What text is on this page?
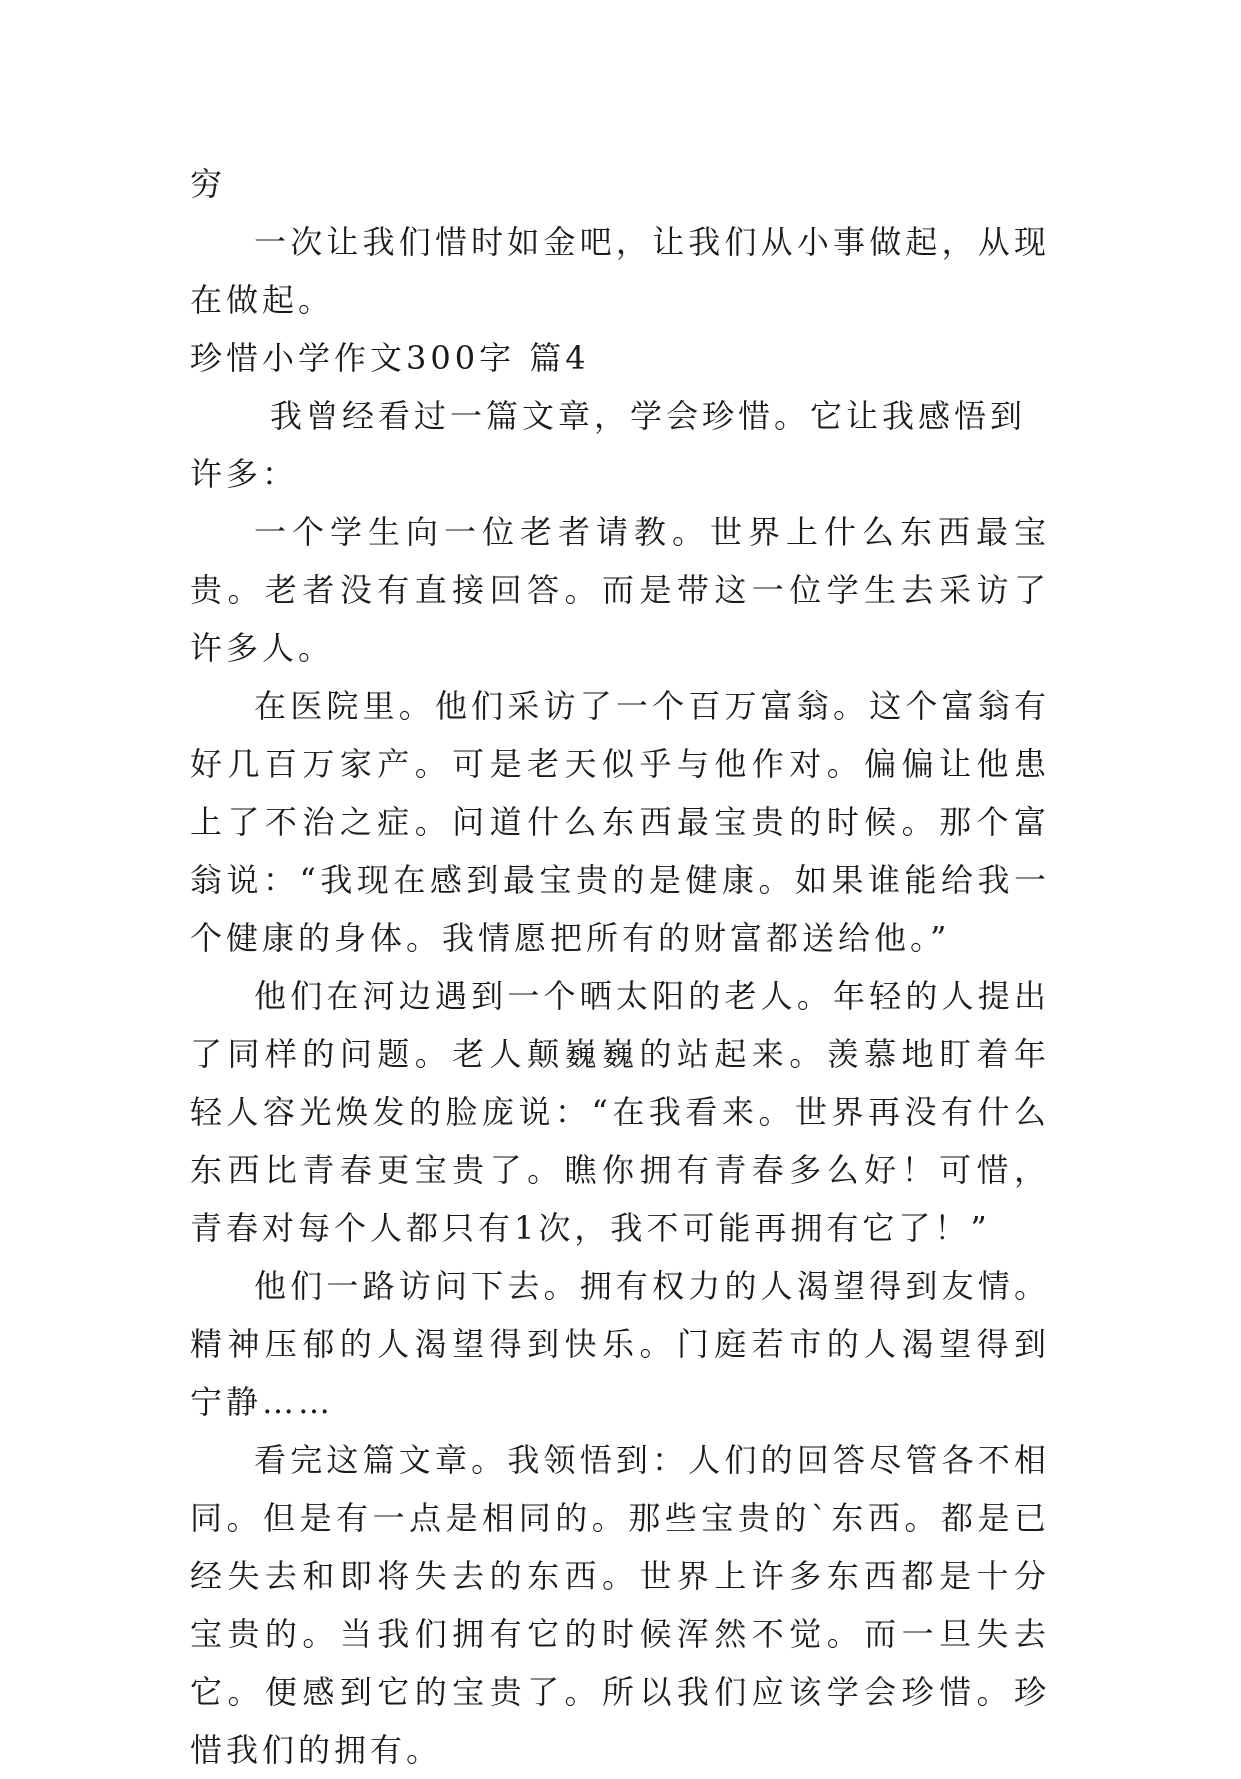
穷

一次让我们惜时如金吧，让我们从小事做起，从现在做起。

珍惜小学作文300字 篇4

我曾经看过一篇文章，学会珍惜。它让我感悟到许多：

一个学生向一位老者请教。世界上什么东西最宝贵。老者没有直接回答。而是带这一位学生去采访了许多人。

在医院里。他们采访了一个百万富翁。这个富翁有好几百万家产。可是老天似乎与他作对。偏偏让他患上了不治之症。问道什么东西最宝贵的时候。那个富翁说：“我现在感到最宝贵的是健康。如果谁能给我一个健康的身体。我情愿把所有的财富都送给他。”

他们在河边遇到一个晒太阳的老人。年轻的人提出了同样的问题。老人颠巍巍的站起来。羡慕地盯着年轻人容光焕发的脸庞说：“在我看来。世界再没有什么东西比青春更宝贵了。瞧你拥有青春多么好！可惜，青春对每个人都只有1次，我不可能再拥有它了！”

他们一路访问下去。拥有权力的人渴望得到友情。精神压郁的人渴望得到快乐。门庭若市的人渴望得到宁静……

看完这篇文章。我领悟到：人们的回答尽管各不相同。但是有一点是相同的。那些宝贵的`东西。都是已经失去和即将失去的东西。世界上许多东西都是十分宝贵的。当我们拥有它的时候浑然不觉。而一旦失去它。便感到它的宝贵了。所以我们应该学会珍惜。珍惜我们的拥有。
